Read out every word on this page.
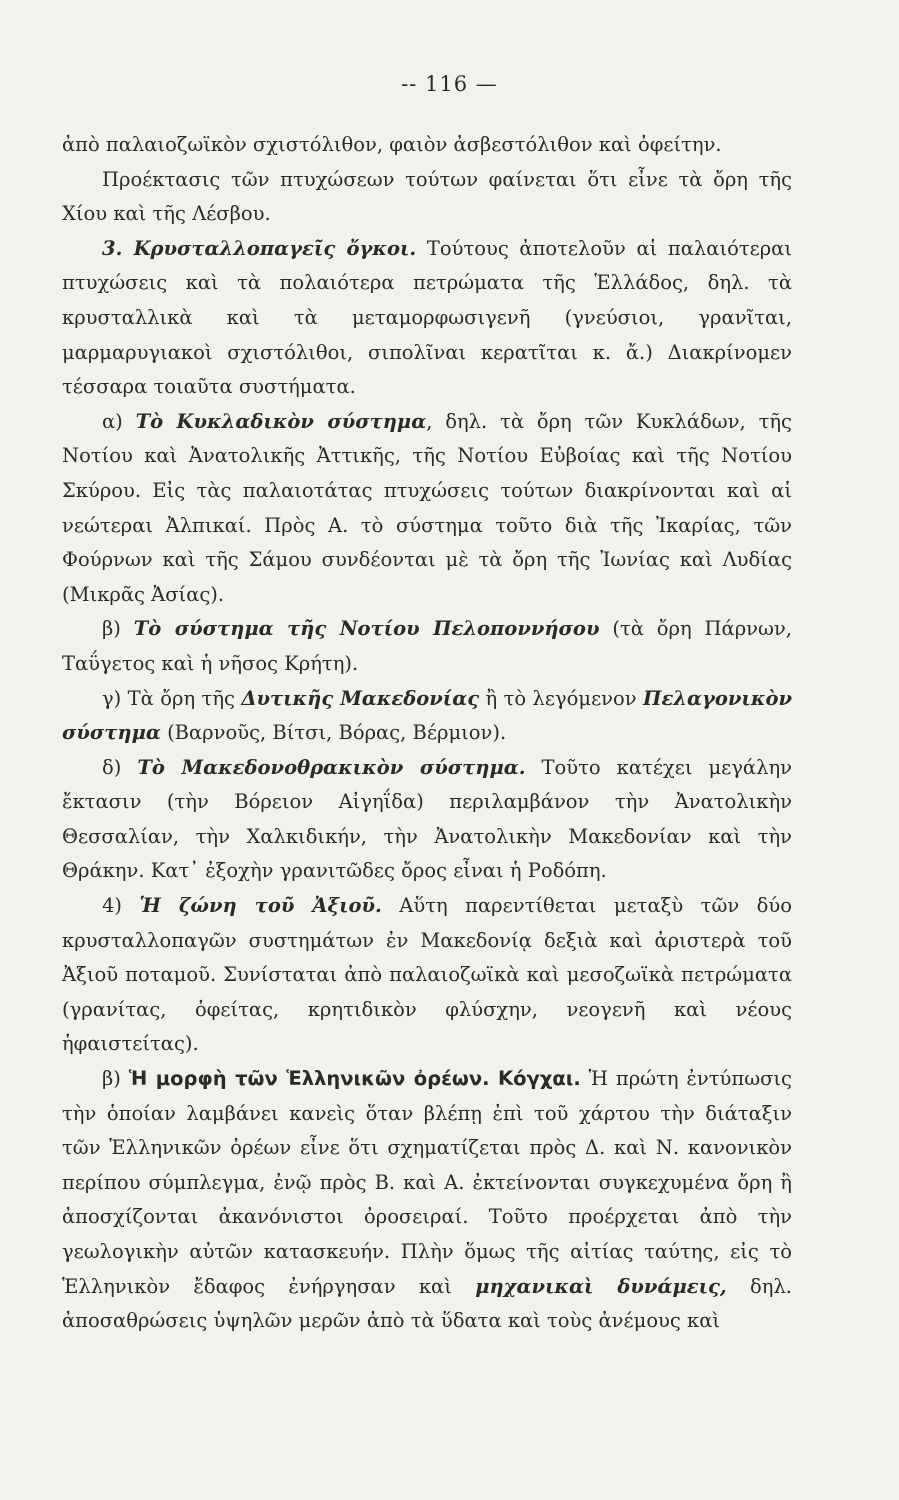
-- 116 —

ἀπὸ παλαιοζωϊκὸν σχιστόλιθον, φαιὸν ἀσβεστόλιθον καὶ ὀφείτην.

Προέκτασις τῶν πτυχώσεων τούτων φαίνεται ὅτι εἶνε τὰ ὄρη τῆς Χίου καὶ τῆς Λέσβου.

3. Κρυσταλλοπαγεῖς ὄγκοι. Τούτους ἀποτελοῦν αἱ παλαιότεραι πτυχώσεις καὶ τὰ πολαιότερα πετρώματα τῆς Ἑλλάδος, δηλ. τὰ κρυσταλλικὰ καὶ τὰ μεταμορφωσιγενῆ (γνεύσιοι, γρανῖται, μαρμαρυγιακοὶ σχιστόλιθοι, σιπολῖναι κερατῖται κ. ἄ.) Διακρίνομεν τέσσαρα τοιαῦτα συστήματα.

α) Τὸ Κυκλαδικὸν σύστημα, δηλ. τὰ ὄρη τῶν Κυκλάδων, τῆς Νοτίου καὶ Ἀνατολικῆς Ἀττικῆς, τῆς Νοτίου Εὐβοίας καὶ τῆς Νοτίου Σκύρου. Εἰς τὰς παλαιοτάτας πτυχώσεις τούτων διακρίνονται καὶ αἱ νεώτεραι Ἀλπικαί. Πρὸς Α. τὸ σύστημα τοῦτο διὰ τῆς Ἰκαρίας, τῶν Φούρνων καὶ τῆς Σάμου συνδέονται μὲ τὰ ὄρη τῆς Ἰωνίας καὶ Λυδίας (Μικρᾶς Ἀσίας).

β) Τὸ σύστημα τῆς Νοτίου Πελοποννήσου (τὰ ὄρη Πάρνων, Ταΰγετος καὶ ἡ νῆσος Κρήτη).

γ) Τὰ ὄρη τῆς Δυτικῆς Μακεδονίας ἢ τὸ λεγόμενον Πελαγονικὸν σύστημα (Βαρνοῦς, Βίτσι, Βόρας, Βέρμιον).

δ) Τὸ Μακεδονοθρακικὸν σύστημα. Τοῦτο κατέχει μεγάλην ἔκτασιν (τὴν Βόρειον Αἰγηΐδα) περιλαμβάνον τὴν Ἀνατολικὴν Θεσσαλίαν, τὴν Χαλκιδικήν, τὴν Ἀνατολικὴν Μακεδονίαν καὶ τὴν Θράκην. Κατ᾿ ἐξοχὴν γρανιτῶδες ὄρος εἶναι ἡ Ροδόπη.

4) Ἡ ζώνη τοῦ Ἀξιοῦ. Αὕτη παρεντίθεται μεταξὺ τῶν δύο κρυσταλλοπαγῶν συστημάτων ἐν Μακεδονίᾳ δεξιὰ καὶ ἀριστερὰ τοῦ Ἀξιοῦ ποταμοῦ. Συνίσταται ἀπὸ παλαιοζωϊκὰ καὶ μεσοζωϊκὰ πετρώματα (γρανίτας, ὀφείτας, κρητιδικὸν φλύσχην, νεογενῆ καὶ νέους ἡφαιστείτας).

β) Ἡ μορφὴ τῶν Ἑλληνικῶν ὀρέων. Κόγχαι. Ἡ πρώτη ἐντύπωσις τὴν ὁποίαν λαμβάνει κανεὶς ὅταν βλέπῃ ἐπὶ τοῦ χάρτου τὴν διάταξιν τῶν Ἑλληνικῶν ὀρέων εἶνε ὅτι σχηματίζεται πρὸς Δ. καὶ Ν. κανονικὸν περίπου σύμπλεγμα, ἐνῷ πρὸς Β. καὶ Α. ἐκτείνονται συγκεχυμένα ὄρη ἢ ἀποσχίζονται ἀκανόνιστοι ὀροσειραί. Τοῦτο προέρχεται ἀπὸ τὴν γεωλογικὴν αὐτῶν κατασκευήν. Πλὴν ὅμως τῆς αἰτίας ταύτης, εἰς τὸ Ἑλληνικὸν ἔδαφος ἐνήργησαν καὶ μηχανικαὶ δυνάμεις, δηλ. ἀποσαθρώσεις ὑψηλῶν μερῶν ἀπὸ τὰ ὕδατα καὶ τοὺς ἀνέμους καὶ
